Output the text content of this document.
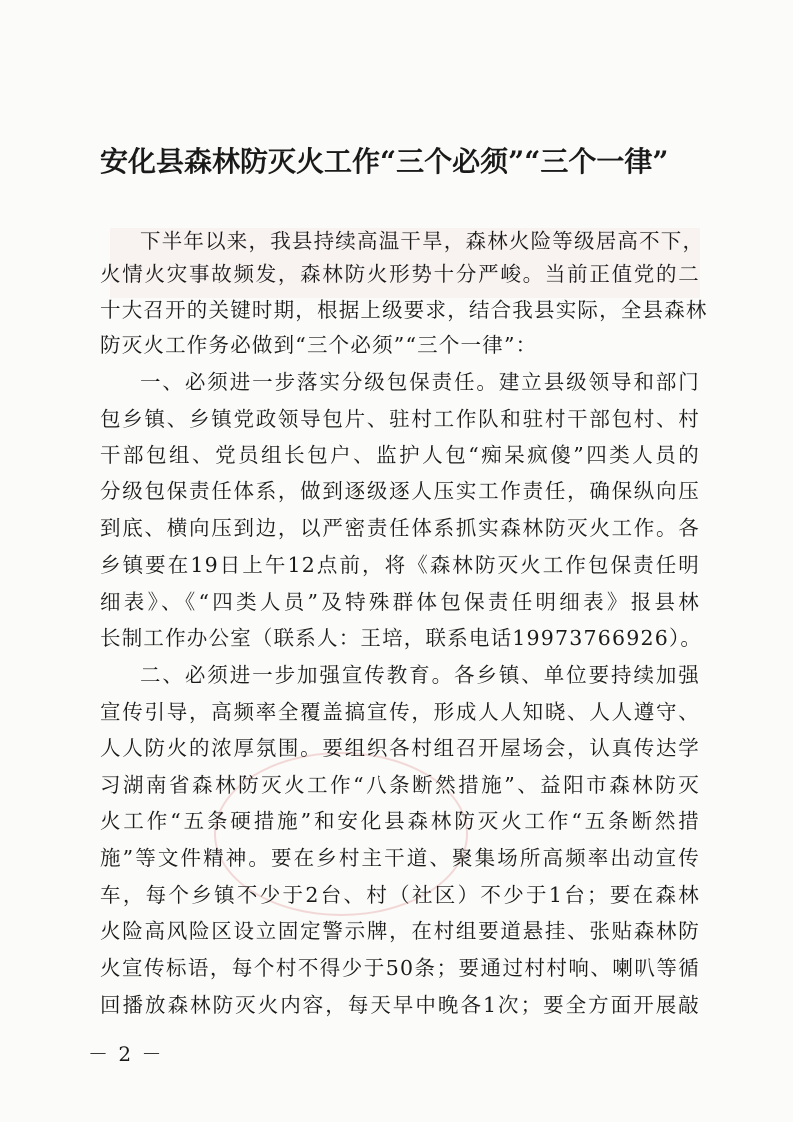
安化县森林防灭火工作“三个必须”“三个一律”
下半年以来，我县持续高温干旱，森林火险等级居高不下，
火情火灾事故频发，森林防火形势十分严峻。当前正值党的二
十大召开的关键时期，根据上级要求，结合我县实际，全县森林
防灭火工作务必做到“三个必须”“三个一律”：
一、必须进一步落实分级包保责任。建立县级领导和部门
包乡镇、乡镇党政领导包片、驻村工作队和驻村干部包村、村
干部包组、党员组长包户、监护人包“痴呆疯傻”四类人员的
分级包保责任体系，做到逐级逐人压实工作责任，确保纵向压
到底、横向压到边，以严密责任体系抓实森林防灭火工作。各
乡镇要在19日上午12点前，将《森林防灭火工作包保责任明
细表》、《“四类人员”及特殊群体包保责任明细表》报县林
长制工作办公室（联系人：王培，联系电话19973766926）。
二、必须进一步加强宣传教育。各乡镇、单位要持续加强
宣传引导，高频率全覆盖搞宣传，形成人人知晓、人人遵守、
人人防火的浓厚氛围。要组织各村组召开屋场会，认真传达学
习湖南省森林防灭火工作“八条断然措施”、益阳市森林防灭
火工作“五条硬措施”和安化县森林防灭火工作“五条断然措
施”等文件精神。要在乡村主干道、聚集场所高频率出动宣传
车，每个乡镇不少于2台、村（社区）不少于1台；要在森林
火险高风险区设立固定警示牌，在村组要道悬挂、张贴森林防
火宣传标语，每个村不得少于50条；要通过村村响、喇叭等循
回播放森林防灭火内容，每天早中晚各1次；要全方面开展敲
－ 2 －
